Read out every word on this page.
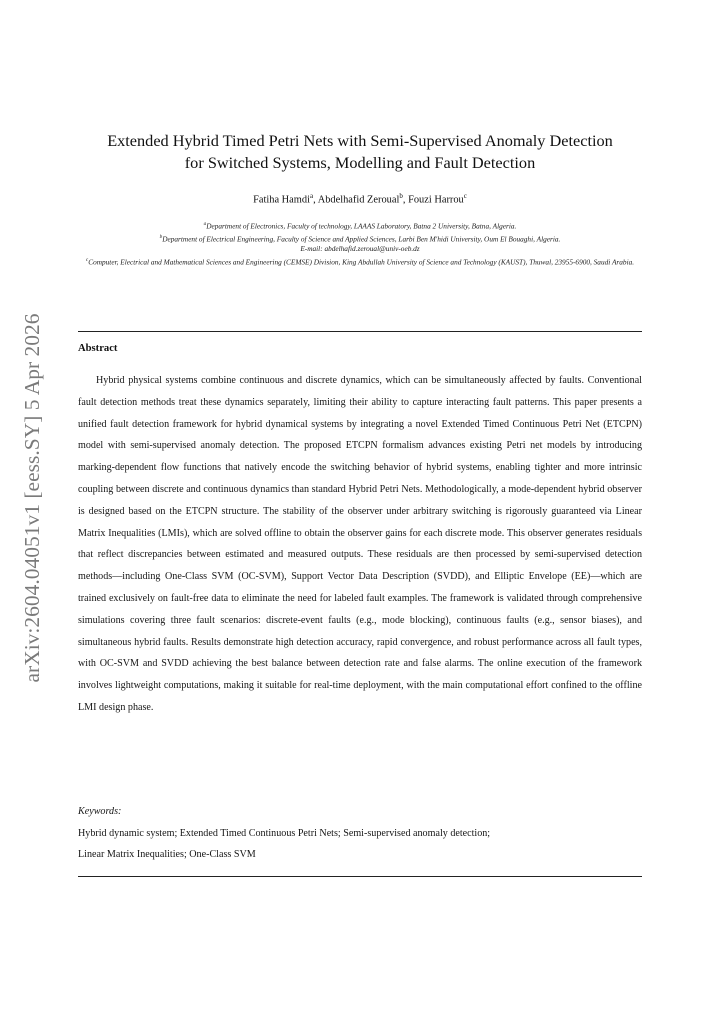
arXiv:2604.04051v1 [eess.SY] 5 Apr 2026
Extended Hybrid Timed Petri Nets with Semi-Supervised Anomaly Detection
for Switched Systems, Modelling and Fault Detection
Fatiha Hamdi$^a$, Abdelhafid Zeroual$^b$, Fouzi Harrou$^c$
$^a$Department of Electronics, Faculty of technology, LAAAS Laboratory, Batna 2 University, Batna, Algeria.
$^b$Department of Electrical Engineering, Faculty of Science and Applied Sciences, Larbi Ben M'hidi University, Oum El Bouaghi, Algeria.
E-mail: abdelhafid.zeroual@univ-oeb.dz
$^c$Computer, Electrical and Mathematical Sciences and Engineering (CEMSE) Division, King Abdullah University of Science and Technology (KAUST), Thuwal, 23955-6900, Saudi Arabia.
Abstract

Hybrid physical systems combine continuous and discrete dynamics, which can be simultaneously affected by faults. Conventional fault detection methods treat these dynamics separately, limiting their ability to capture interacting fault patterns. This paper presents a unified fault detection framework for hybrid dynamical systems by integrating a novel Extended Timed Continuous Petri Net (ETCPN) model with semi-supervised anomaly detection. The proposed ETCPN formalism advances existing Petri net models by introducing marking-dependent flow functions that natively encode the switching behavior of hybrid systems, enabling tighter and more intrinsic coupling between discrete and continuous dynamics than standard Hybrid Petri Nets. Methodologically, a mode-dependent hybrid observer is designed based on the ETCPN structure. The stability of the observer under arbitrary switching is rigorously guaranteed via Linear Matrix Inequalities (LMIs), which are solved offline to obtain the observer gains for each discrete mode. This observer generates residuals that reflect discrepancies between estimated and measured outputs. These residuals are then processed by semi-supervised detection methods—including One-Class SVM (OC-SVM), Support Vector Data Description (SVDD), and Elliptic Envelope (EE)—which are trained exclusively on fault-free data to eliminate the need for labeled fault examples. The framework is validated through comprehensive simulations covering three fault scenarios: discrete-event faults (e.g., mode blocking), continuous faults (e.g., sensor biases), and simultaneous hybrid faults. Results demonstrate high detection accuracy, rapid convergence, and robust performance across all fault types, with OC-SVM and SVDD achieving the best balance between detection rate and false alarms. The online execution of the framework involves lightweight computations, making it suitable for real-time deployment, with the main computational effort confined to the offline LMI design phase.

Keywords:
Hybrid dynamic system; Extended Timed Continuous Petri Nets; Semi-supervised anomaly detection;
Linear Matrix Inequalities; One-Class SVM
